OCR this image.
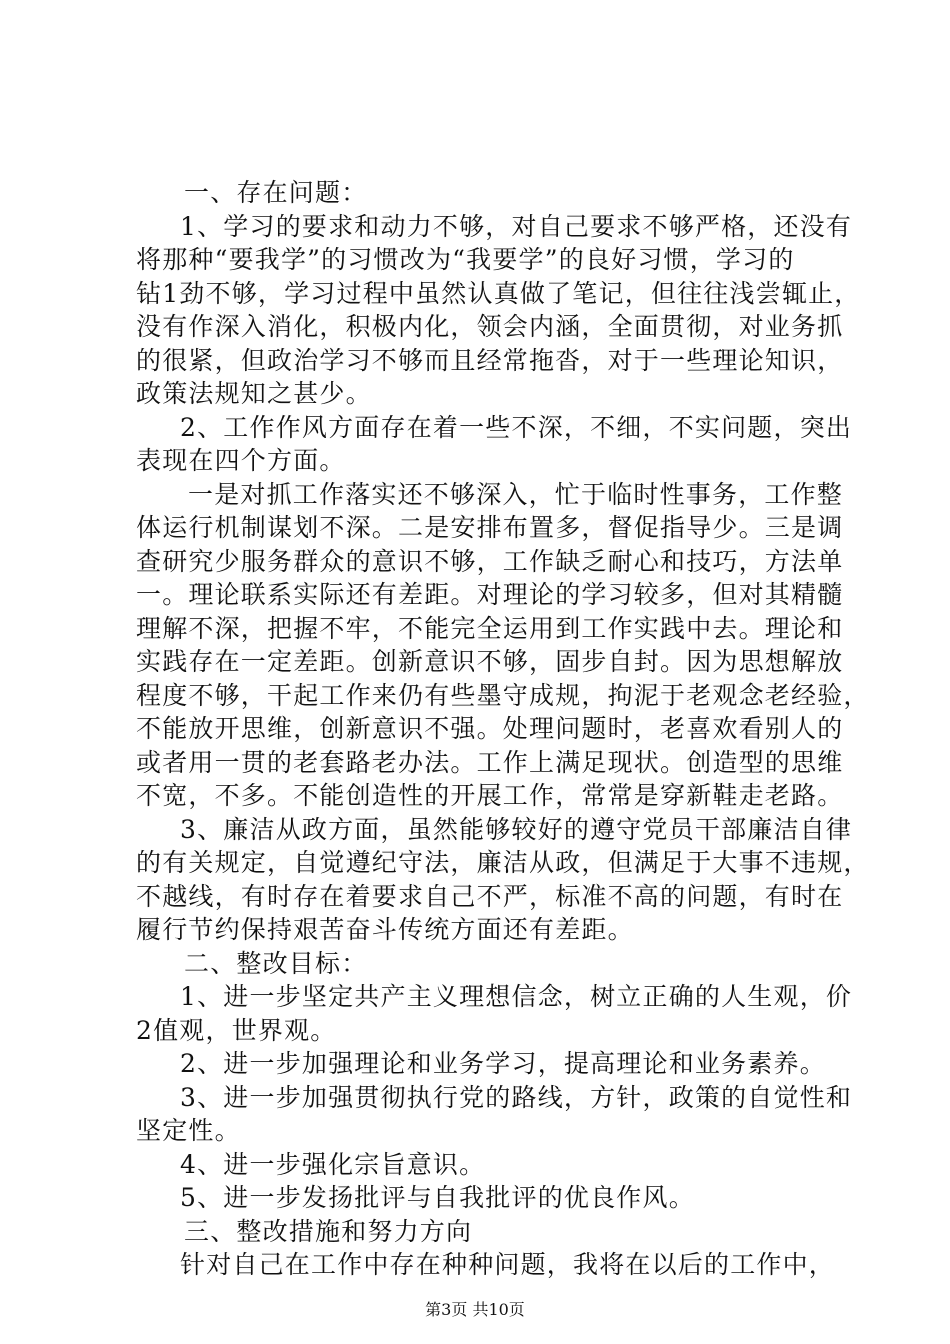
一、存在问题：
1、学习的要求和动力不够，对自己要求不够严格，还没有
将那种“要我学”的习惯改为“我要学”的良好习惯，学习的
钻1劲不够，学习过程中虽然认真做了笔记，但往往浅尝辄止，
没有作深入消化，积极内化，领会内涵，全面贯彻，对业务抓
的很紧，但政治学习不够而且经常拖沓，对于一些理论知识，
政策法规知之甚少。
2、工作作风方面存在着一些不深，不细，不实问题，突出
表现在四个方面。
一是对抓工作落实还不够深入，忙于临时性事务，工作整
体运行机制谋划不深。二是安排布置多，督促指导少。三是调
查研究少服务群众的意识不够，工作缺乏耐心和技巧，方法单
一。理论联系实际还有差距。对理论的学习较多，但对其精髓
理解不深，把握不牢，不能完全运用到工作实践中去。理论和
实践存在一定差距。创新意识不够，固步自封。因为思想解放
程度不够，干起工作来仍有些墨守成规，拘泥于老观念老经验，
不能放开思维，创新意识不强。处理问题时，老喜欢看别人的
或者用一贯的老套路老办法。工作上满足现状。创造型的思维
不宽，不多。不能创造性的开展工作，常常是穿新鞋走老路。
3、廉洁从政方面，虽然能够较好的遵守党员干部廉洁自律
的有关规定，自觉遵纪守法，廉洁从政，但满足于大事不违规，
不越线，有时存在着要求自己不严，标准不高的问题，有时在
履行节约保持艰苦奋斗传统方面还有差距。
二、整改目标：
1、进一步坚定共产主义理想信念，树立正确的人生观，价
2值观，世界观。
2、进一步加强理论和业务学习，提高理论和业务素养。
3、进一步加强贯彻执行党的路线，方针，政策的自觉性和
坚定性。
4、进一步强化宗旨意识。
5、进一步发扬批评与自我批评的优良作风。
三、整改措施和努力方向
针对自己在工作中存在种种问题，我将在以后的工作中，
第3页 共10页
